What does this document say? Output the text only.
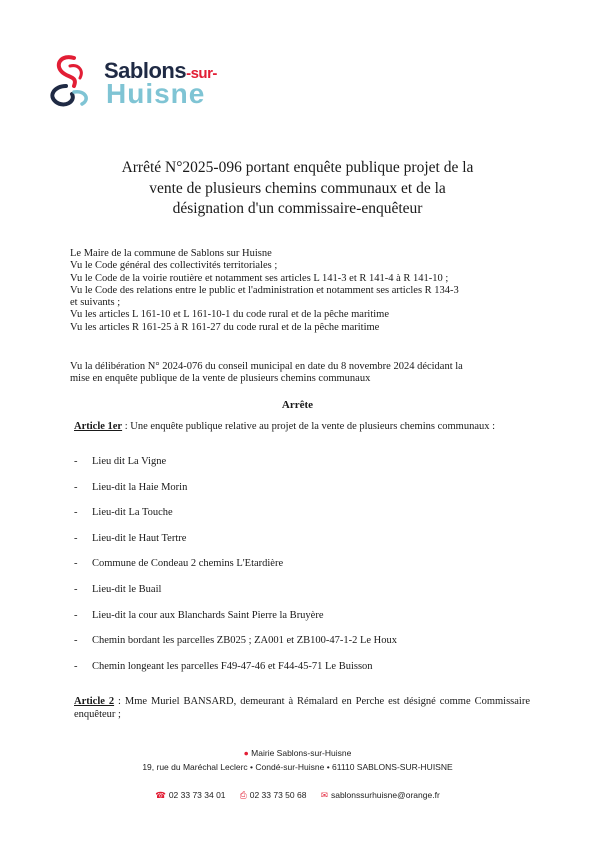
Sablons-sur-
Huisne
Arrêté N°2025-096 portant enquête publique projet de la
vente de plusieurs chemins communaux et de la
désignation d'un commissaire-enquêteur
Le Maire de la commune de Sablons sur Huisne
Vu le Code général des collectivités territoriales ;
Vu le Code de la voirie routière et notamment ses articles L 141-3 et R 141-4 à R 141-10 ;
Vu le Code des relations entre le public et l'administration et notamment ses articles R 134-3
et suivants ;
Vu les articles L 161-10 et L 161-10-1 du code rural et de la pêche maritime
Vu les articles R 161-25 à R 161-27 du code rural et de la pêche maritime
Vu la délibération N° 2024-076 du conseil municipal en date du 8 novembre 2024 décidant la
mise en enquête publique de la vente de plusieurs chemins communaux
Arrête
Article 1er : Une enquête publique relative au projet de la vente de plusieurs chemins communaux :
- Lieu dit La Vigne
- Lieu-dit la Haie Morin
- Lieu-dit La Touche
- Lieu-dit le Haut Tertre
- Commune de Condeau 2 chemins L'Etardière
- Lieu-dit le Buail
- Lieu-dit la cour aux Blanchards Saint Pierre la Bruyère
- Chemin bordant les parcelles ZB025 ; ZA001 et ZB100-47-1-2 Le Houx
- Chemin longeant les parcelles F49-47-46 et F44-45-71 Le Buisson
Article 2 : Mme Muriel BANSARD, demeurant à Rémalard en Perche est désigné comme Commissaire enquêteur ;
● Mairie Sablons-sur-Huisne
19, rue du Maréchal Leclerc • Condé-sur-Huisne • 61110 SABLONS-SUR-HUISNE
☎ 02 33 73 34 01 ⎙ 02 33 73 50 68 ✉ sablonssurhuisne@orange.fr
